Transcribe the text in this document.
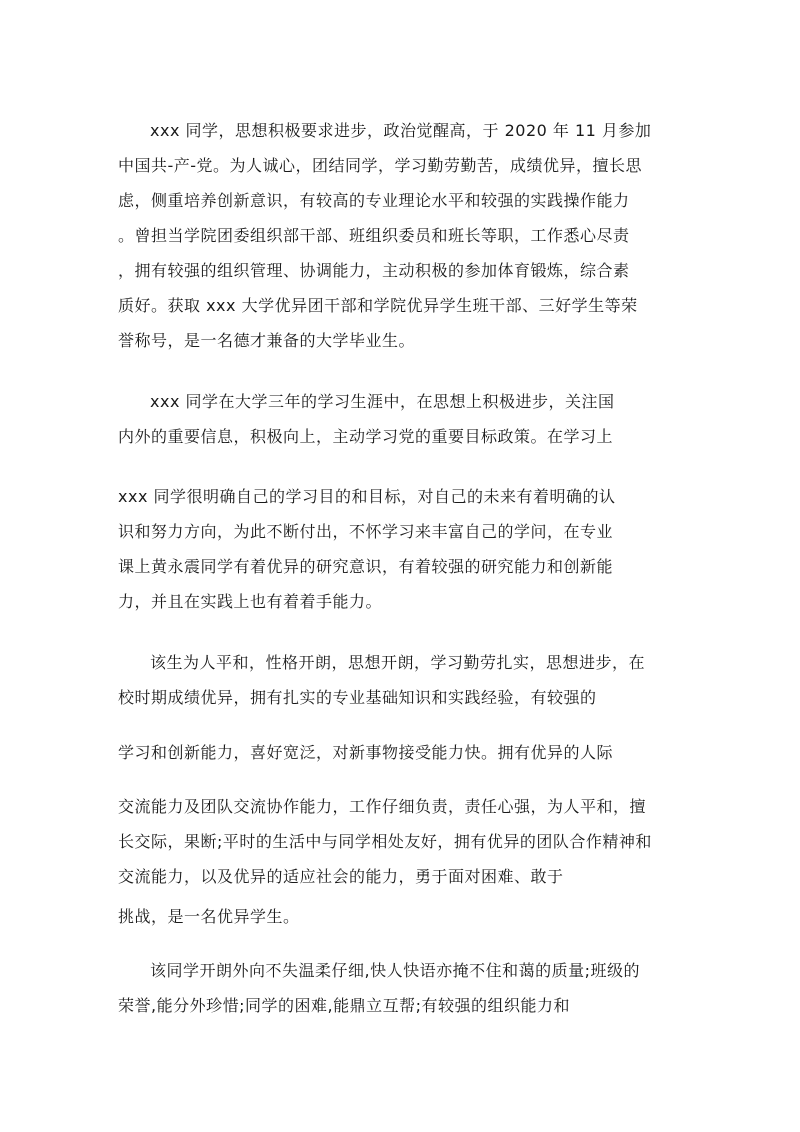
xxx 同学，思想积极要求进步，政治觉醒高，于 2020 年 11 月参加
中国共-产-党。为人诚心，团结同学，学习勤劳勤苦，成绩优异，擅长思
虑，侧重培养创新意识，有较高的专业理论水平和较强的实践操作能力
。曾担当学院团委组织部干部、班组织委员和班长等职，工作悉心尽责
，拥有较强的组织管理、协调能力，主动积极的参加体育锻炼，综合素
质好。获取 xxx 大学优异团干部和学院优异学生班干部、三好学生等荣
誉称号，是一名德才兼备的大学毕业生。
xxx 同学在大学三年的学习生涯中，在思想上积极进步，关注国
内外的重要信息，积极向上，主动学习党的重要目标政策。在学习上
xxx 同学很明确自己的学习目的和目标，对自己的未来有着明确的认
识和努力方向，为此不断付出，不怀学习来丰富自己的学问，在专业
课上黄永震同学有着优异的研究意识，有着较强的研究能力和创新能
力，并且在实践上也有着着手能力。
该生为人平和，性格开朗，思想开朗，学习勤劳扎实，思想进步，在
校时期成绩优异，拥有扎实的专业基础知识和实践经验，有较强的
学习和创新能力，喜好宽泛，对新事物接受能力快。拥有优异的人际
交流能力及团队交流协作能力，工作仔细负责，责任心强，为人平和，擅
长交际，果断;平时的生活中与同学相处友好，拥有优异的团队合作精神和
交流能力，以及优异的适应社会的能力，勇于面对困难、敢于
挑战，是一名优异学生。
该同学开朗外向不失温柔仔细,快人快语亦掩不住和蔼的质量;班级的
荣誉,能分外珍惜;同学的困难,能鼎立互帮;有较强的组织能力和
